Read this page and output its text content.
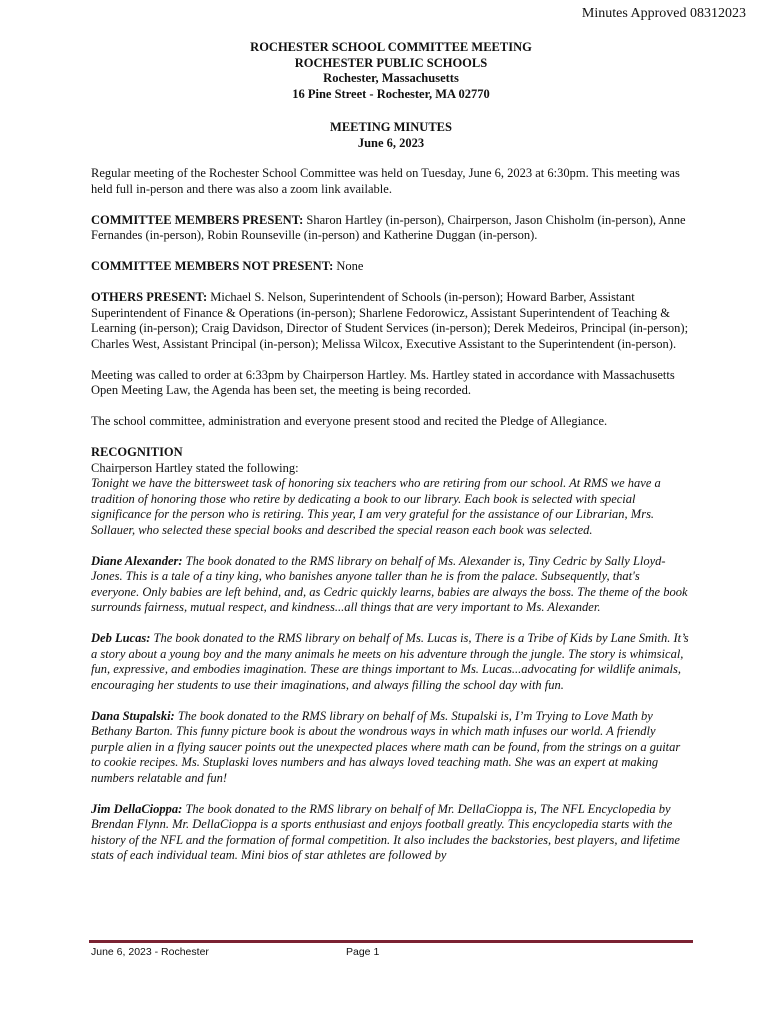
Minutes Approved 08312023
ROCHESTER SCHOOL COMMITTEE MEETING
ROCHESTER PUBLIC SCHOOLS
Rochester, Massachusetts
16 Pine Street - Rochester, MA 02770
MEETING MINUTES
June 6, 2023

Regular meeting of the Rochester School Committee was held on Tuesday, June 6, 2023 at 6:30pm. This meeting was held full in-person and there was also a zoom link available.

COMMITTEE MEMBERS PRESENT: Sharon Hartley (in-person), Chairperson, Jason Chisholm (in-person), Anne Fernandes (in-person), Robin Rounseville (in-person) and Katherine Duggan (in-person).

COMMITTEE MEMBERS NOT PRESENT: None

OTHERS PRESENT: Michael S. Nelson, Superintendent of Schools (in-person); Howard Barber, Assistant Superintendent of Finance & Operations (in-person); Sharlene Fedorowicz, Assistant Superintendent of Teaching & Learning (in-person); Craig Davidson, Director of Student Services (in-person); Derek Medeiros, Principal (in-person); Charles West, Assistant Principal (in-person); Melissa Wilcox, Executive Assistant to the Superintendent (in-person).

Meeting was called to order at 6:33pm by Chairperson Hartley. Ms. Hartley stated in accordance with Massachusetts Open Meeting Law, the Agenda has been set, the meeting is being recorded.

The school committee, administration and everyone present stood and recited the Pledge of Allegiance.

RECOGNITION
Chairperson Hartley stated the following:
Tonight we have the bittersweet task of honoring six teachers who are retiring from our school. At RMS we have a tradition of honoring those who retire by dedicating a book to our library. Each book is selected with special significance for the person who is retiring. This year, I am very grateful for the assistance of our Librarian, Mrs. Sollauer, who selected these special books and described the special reason each book was selected.

Diane Alexander: The book donated to the RMS library on behalf of Ms. Alexander is, Tiny Cedric by Sally Lloyd-Jones. This is a tale of a tiny king, who banishes anyone taller than he is from the palace. Subsequently, that's everyone. Only babies are left behind, and, as Cedric quickly learns, babies are always the boss. The theme of the book surrounds fairness, mutual respect, and kindness...all things that are very important to Ms. Alexander.

Deb Lucas: The book donated to the RMS library on behalf of Ms. Lucas is, There is a Tribe of Kids by Lane Smith. It’s a story about a young boy and the many animals he meets on his adventure through the jungle. The story is whimsical, fun, expressive, and embodies imagination. These are things important to Ms. Lucas...advocating for wildlife animals, encouraging her students to use their imaginations, and always filling the school day with fun.

Dana Stupalski: The book donated to the RMS library on behalf of Ms. Stupalski is, I’m Trying to Love Math by Bethany Barton. This funny picture book is about the wondrous ways in which math infuses our world. A friendly purple alien in a flying saucer points out the unexpected places where math can be found, from the strings on a guitar to cookie recipes. Ms. Stuplaski loves numbers and has always loved teaching math. She was an expert at making numbers relatable and fun!

Jim DellaCioppa: The book donated to the RMS library on behalf of Mr. DellaCioppa is, The NFL Encyclopedia by Brendan Flynn. Mr. DellaCioppa is a sports enthusiast and enjoys football greatly. This encyclopedia starts with the history of the NFL and the formation of formal competition. It also includes the backstories, best players, and lifetime stats of each individual team. Mini bios of star athletes are followed by

June 6, 2023 - Rochester	Page 1
